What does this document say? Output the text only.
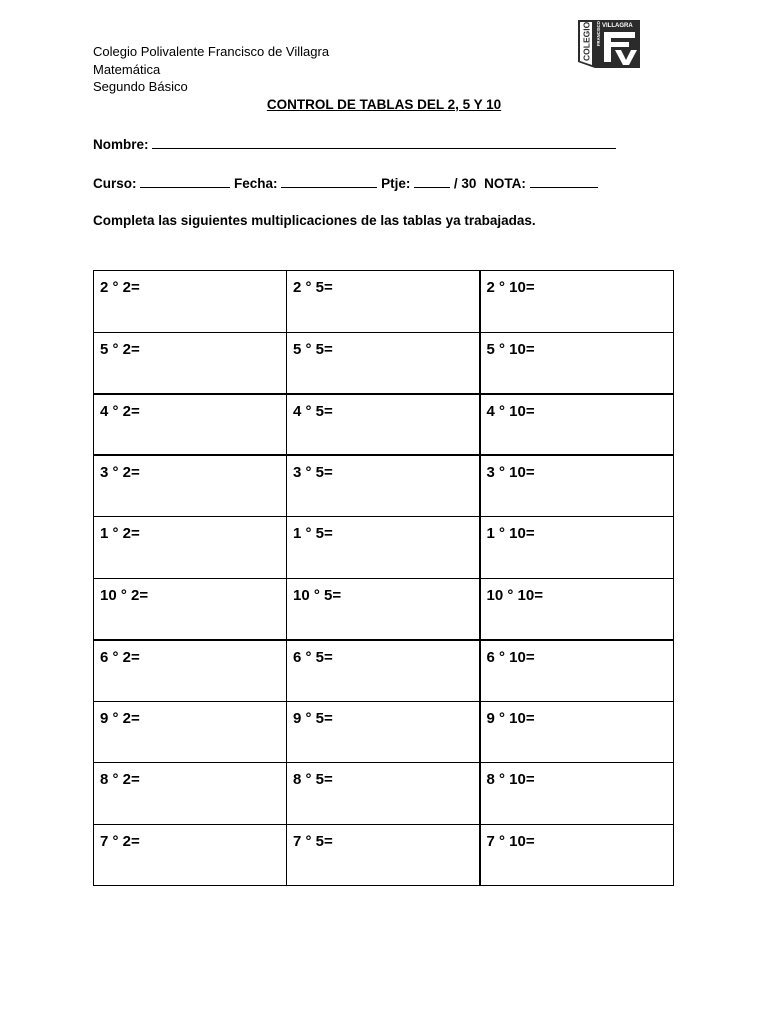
Colegio Polivalente Francisco de Villagra
Matemática
Segundo Básico
COLEGIO FRANCISCO VILLAGRA
CONTROL DE TABLAS DEL 2, 5 Y 10
Nombre:
Curso:	Fecha:	Ptje:	/ 30 NOTA:
Completa las siguientes multiplicaciones de las tablas ya trabajadas.
2 ° 2=	2 ° 5=	2 ° 10=
5 ° 2=	5 ° 5=	5 ° 10=
4 ° 2=	4 ° 5=	4 ° 10=
3 ° 2=	3 ° 5=	3 ° 10=
1 ° 2=	1 ° 5=	1 ° 10=
10 ° 2=	10 ° 5=	10 ° 10=
6 ° 2=	6 ° 5=	6 ° 10=
9 ° 2=	9 ° 5=	9 ° 10=
8 ° 2=	8 ° 5=	8 ° 10=
7 ° 2=	7 ° 5=	7 ° 10=
